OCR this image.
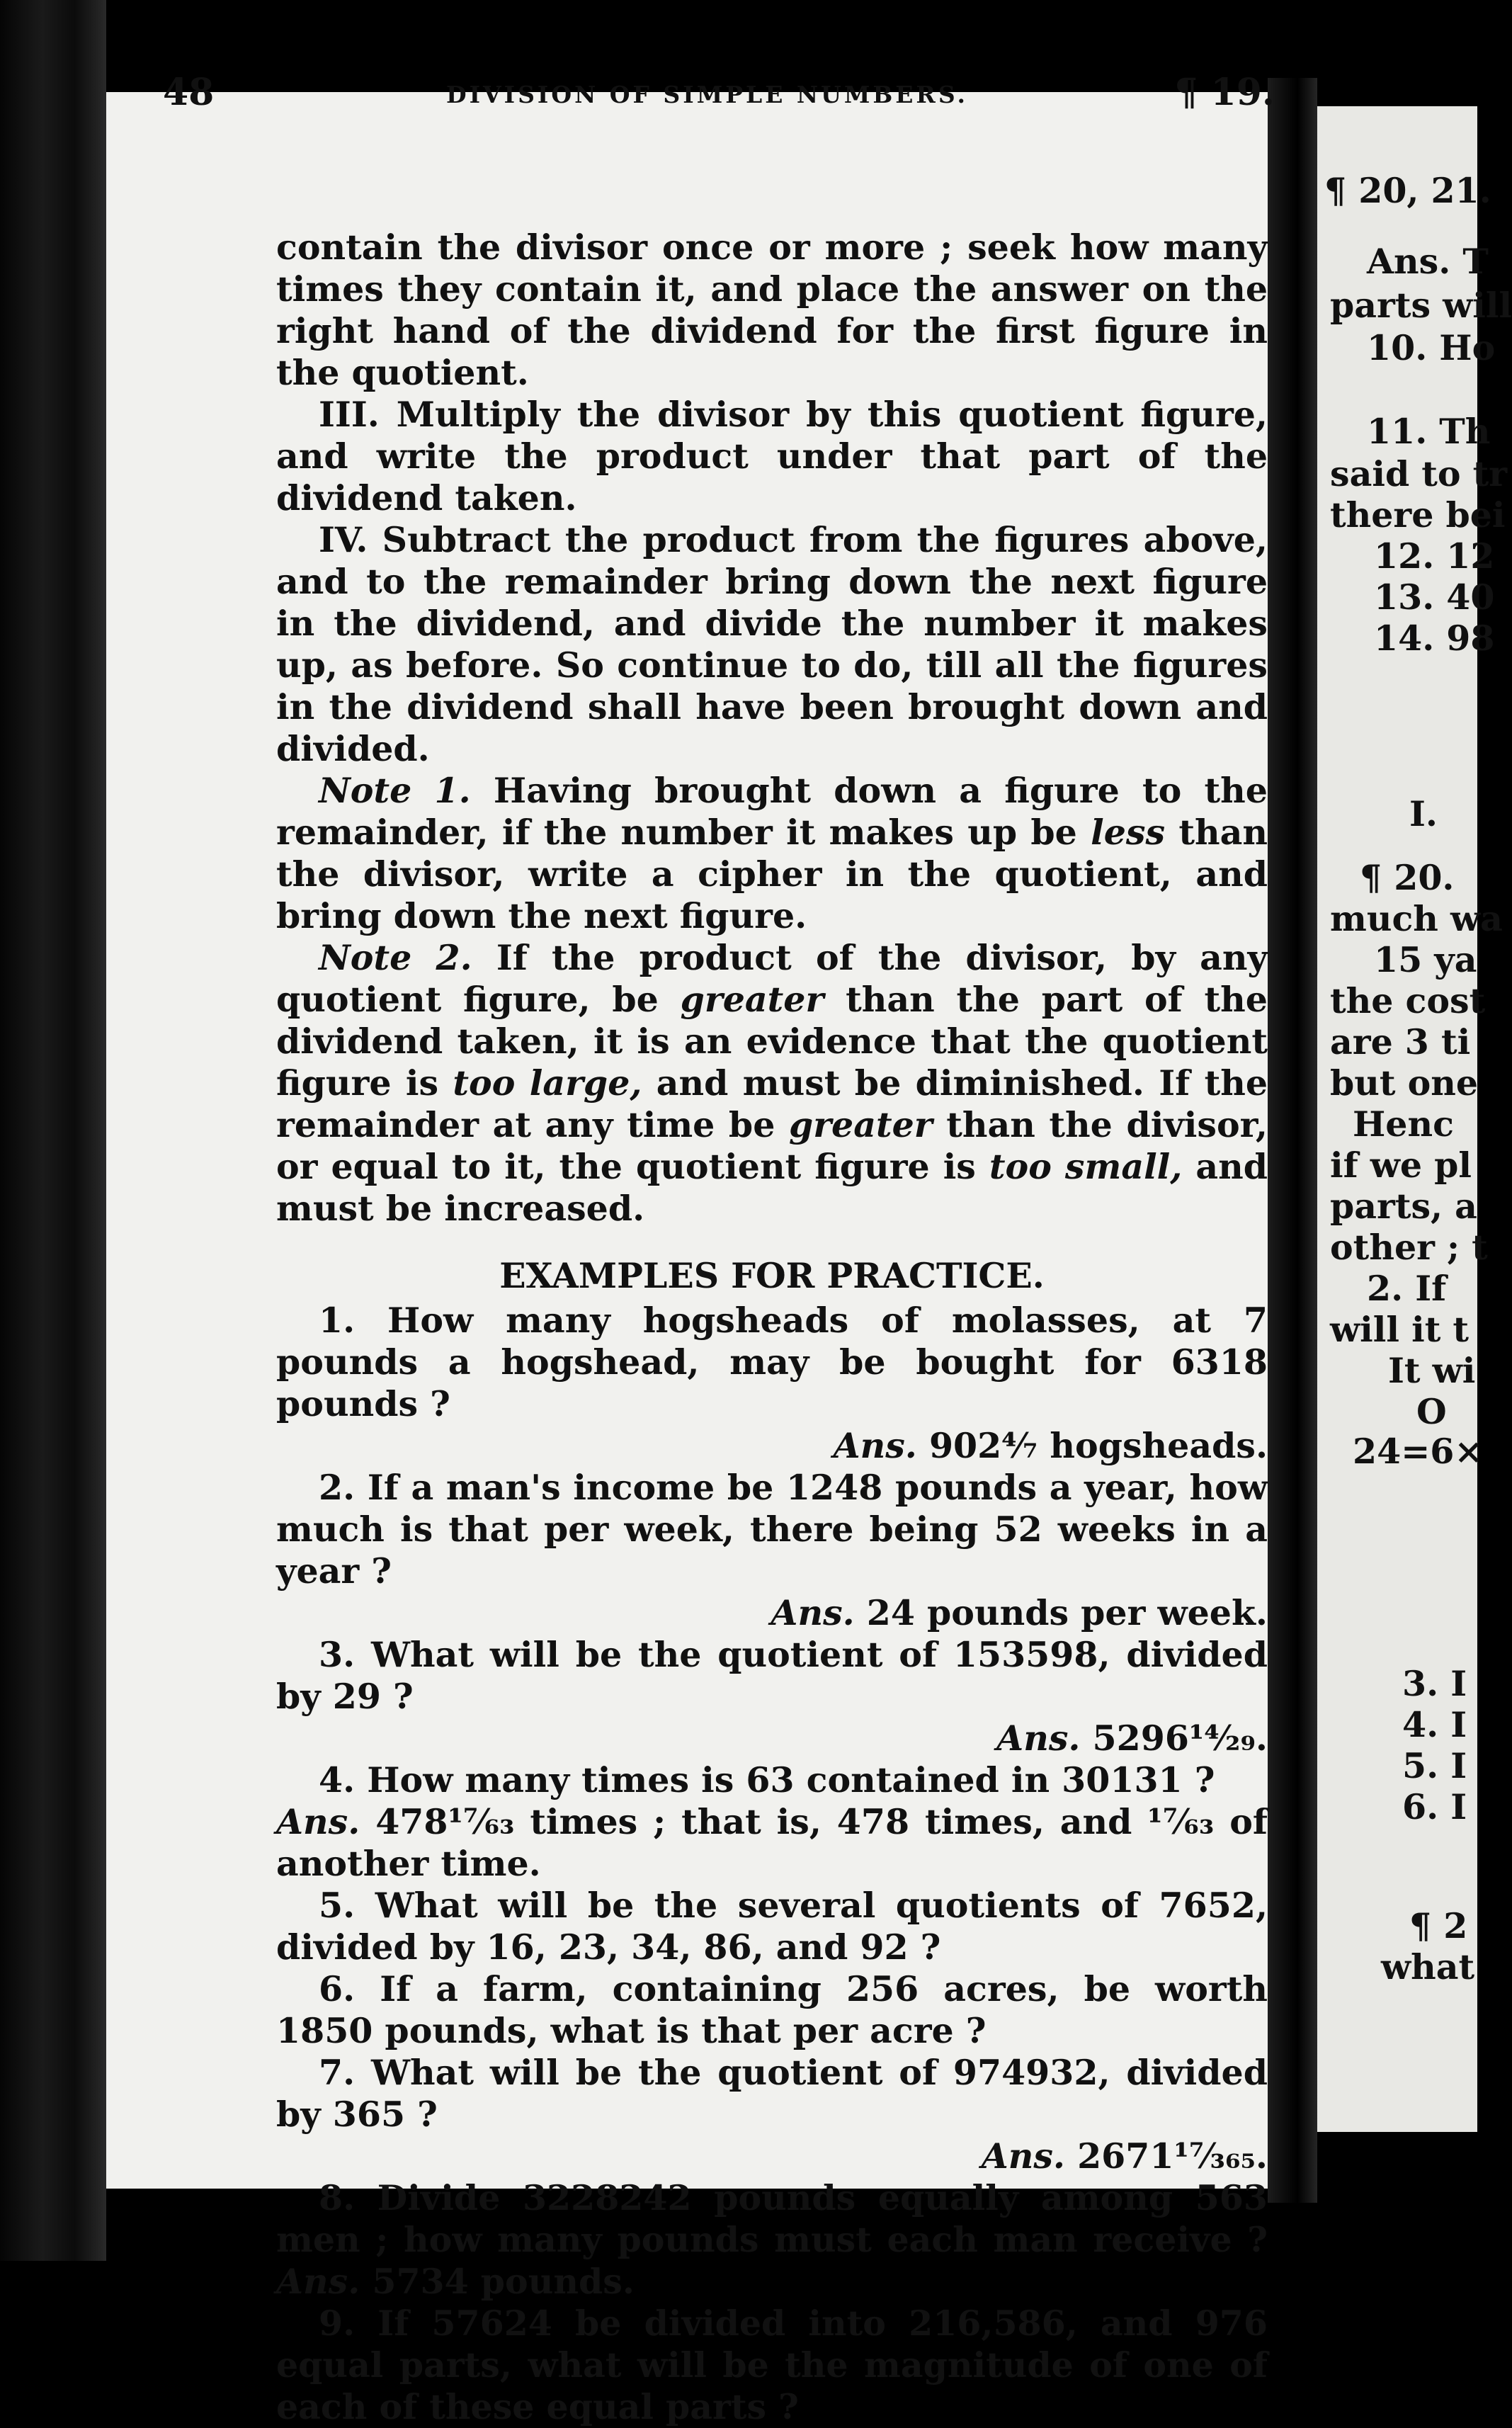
48	DIVISION OF SIMPLE NUMBERS.	¶ 19.

contain the divisor once or more ; seek how many times they contain it, and place the answer on the right hand of the dividend for the first figure in the quotient.

III. Multiply the divisor by this quotient figure, and write the product under that part of the dividend taken.

IV. Subtract the product from the figures above, and to the remainder bring down the next figure in the dividend, and divide the number it makes up, as before. So continue to do, till all the figures in the dividend shall have been brought down and divided.

Note 1. Having brought down a figure to the remainder, if the number it makes up be less than the divisor, write a cipher in the quotient, and bring down the next figure.

Note 2. If the product of the divisor, by any quotient figure, be greater than the part of the dividend taken, it is an evidence that the quotient figure is too large, and must be diminished. If the remainder at any time be greater than the divisor, or equal to it, the quotient figure is too small, and must be increased.

EXAMPLES FOR PRACTICE.

1. How many hogsheads of molasses, at 7 pounds a hogshead, may be bought for 6318 pounds ?

Ans. 902⁴⁄₇ hogsheads.

2. If a man's income be 1248 pounds a year, how much is that per week, there being 52 weeks in a year ?

Ans. 24 pounds per week.

3. What will be the quotient of 153598, divided by 29 ?

Ans. 5296¹⁴⁄₂₉.

4. How many times is 63 contained in 30131 ?

Ans. 478¹⁷⁄₆₃ times ; that is, 478 times, and ¹⁷⁄₆₃ of another time.

5. What will be the several quotients of 7652, divided by 16, 23, 34, 86, and 92 ?

6. If a farm, containing 256 acres, be worth 1850 pounds, what is that per acre ?

7. What will be the quotient of 974932, divided by 365 ?

Ans. 2671¹⁷⁄₃₆₅.

8. Divide 3228242 pounds equally among 563 men ; how many pounds must each man receive ? Ans. 5734 pounds.

9. If 57624 be divided into 216,586, and 976 equal parts, what will be the magnitude of one of each of these equal parts ?

¶ 20, 21.
Ans. T
parts will
10. Ho
11. Th
said to tr
there bei
12. 12
13. 40
14. 98
I.
¶ 20.
much wa
15 ya
the cost
are 3 ti
but one
Henc
if we pl
parts, a
other ; t
2. If
will it t
It wi
O
24=6×
3. I
4. I
5. I
6. I
¶ 2
what
